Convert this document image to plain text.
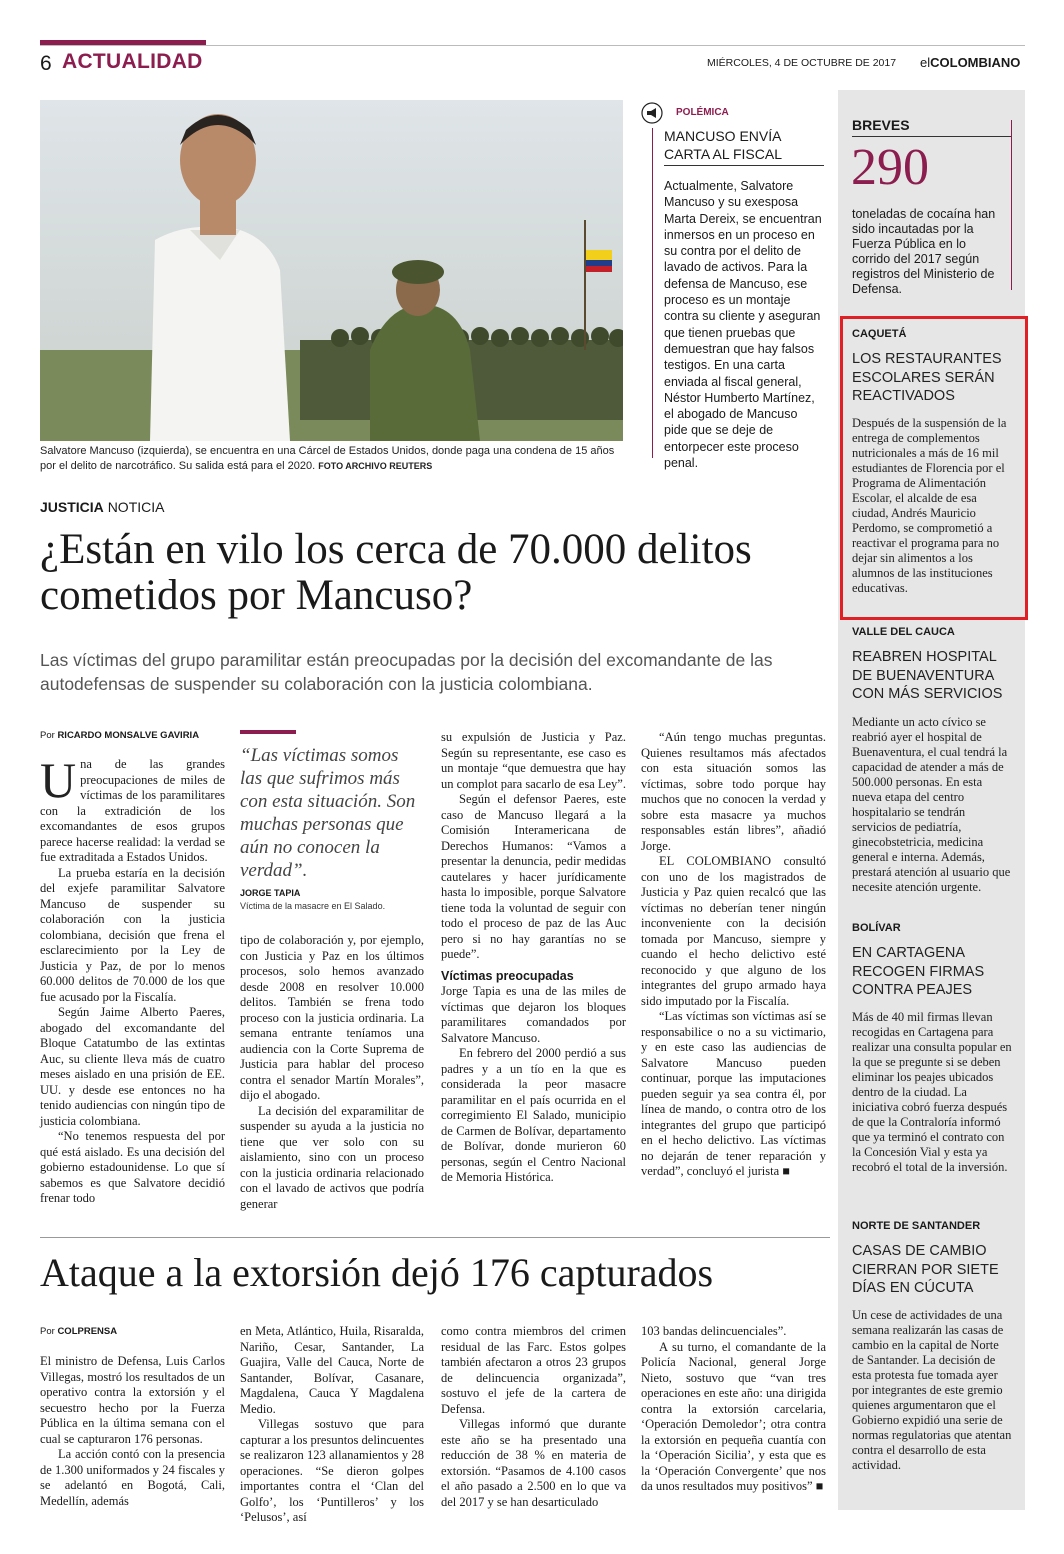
6 ACTUALIDAD	MIÉRCOLES, 4 DE OCTUBRE DE 2017 elCOLOMBIANO
Salvatore Mancuso (izquierda), se encuentra en una Cárcel de Estados Unidos, donde paga una condena de 15 años por el delito de narcotráfico. Su salida está para el 2020. FOTO ARCHIVO REUTERS
POLÉMICA
MANCUSO ENVÍA CARTA AL FISCAL
Actualmente, Salvatore Mancuso y su exesposa Marta Dereix, se encuentran inmersos en un proceso en su contra por el delito de lavado de activos. Para la defensa de Mancuso, ese proceso es un montaje contra su cliente y aseguran que tienen pruebas que demuestran que hay falsos testigos. En una carta enviada al fiscal general, Néstor Humberto Martínez, el abogado de Mancuso pide que se deje de entorpecer este proceso penal.
JUSTICIA NOTICIA
¿Están en vilo los cerca de 70.000 delitos cometidos por Mancuso?
Las víctimas del grupo paramilitar están preocupadas por la decisión del excomandante de las autodefensas de suspender su colaboración con la justicia colombiana.
Por RICARDO MONSALVE GAVIRIA

Una de las grandes preocupaciones de miles de víctimas de los paramilitares con la extradición de los excomandantes de esos grupos parece hacerse realidad: la verdad se fue extraditada a Estados Unidos.

La prueba estaría en la decisión del exjefe paramilitar Salvatore Mancuso de suspender su colaboración con la justicia colombiana, decisión que frena el esclarecimiento por la Ley de Justicia y Paz, de por lo menos 60.000 delitos de 70.000 de los que fue acusado por la Fiscalía.

Según Jaime Alberto Paeres, abogado del excomandante del Bloque Catatumbo de las extintas Auc, su cliente lleva más de cuatro meses aislado en una prisión de EE. UU. y desde ese entonces no ha tenido audiencias con ningún tipo de justicia colombiana.

“No tenemos respuesta del por qué está aislado. Es una decisión del gobierno estadounidense. Lo que sí sabemos es que Salvatore decidió frenar todo

“Las víctimas somos las que sufrimos más con esta situación. Son muchas personas que aún no conocen la verdad”.
JORGE TAPIA
Víctima de la masacre en El Salado.

tipo de colaboración y, por ejemplo, con Justicia y Paz en los últimos procesos, solo hemos avanzado desde 2008 en resolver 10.000 delitos. También se frena todo proceso con la justicia ordinaria. La semana entrante teníamos una audiencia con la Corte Suprema de Justicia para hablar del proceso contra el senador Martín Morales”, dijo el abogado.

La decisión del exparamilitar de suspender su ayuda a la justicia no tiene que ver solo con su aislamiento, sino con un proceso con la justicia ordinaria relacionado con el lavado de activos que podría generar

su expulsión de Justicia y Paz. Según su representante, ese caso es un montaje “que demuestra que hay un complot para sacarlo de esa Ley”.

Según el defensor Paeres, este caso de Mancuso llegará a la Comisión Interamericana de Derechos Humanos: “Vamos a presentar la denuncia, pedir medidas cautelares y hacer jurídicamente hasta lo imposible, porque Salvatore tiene toda la voluntad de seguir con todo el proceso de paz de las Auc pero si no hay garantías no se puede”.

Víctimas preocupadas

Jorge Tapia es una de las miles de víctimas que dejaron los bloques paramilitares comandados por Salvatore Mancuso.

En febrero del 2000 perdió a sus padres y a un tío en la que es considerada la peor masacre paramilitar en el país ocurrida en el corregimiento El Salado, municipio de Carmen de Bolívar, departamento de Bolívar, donde murieron 60 personas, según el Centro Nacional de Memoria Histórica.

“Aún tengo muchas preguntas. Quienes resultamos más afectados con esta situación somos las víctimas, sobre todo porque hay muchos que no conocen la verdad y sobre esta masacre ya muchos responsables están libres”, añadió Jorge.

EL COLOMBIANO consultó con uno de los magistrados de Justicia y Paz quien recalcó que las víctimas no deberían tener ningún inconveniente con la decisión tomada por Mancuso, siempre y cuando el hecho delictivo esté reconocido y que alguno de los integrantes del grupo armado haya sido imputado por la Fiscalía.

“Las víctimas son víctimas así se responsabilice o no a su victimario, y en este caso las audiencias de Salvatore Mancuso pueden continuar, porque las imputaciones pueden seguir ya sea contra él, por línea de mando, o contra otro de los integrantes del grupo que participó en el hecho delictivo. Las víctimas no dejarán de tener reparación y verdad”, concluyó el jurista ■

Ataque a la extorsión dejó 176 capturados
Por COLPRENSA

El ministro de Defensa, Luis Carlos Villegas, mostró los resultados de un operativo contra la extorsión y el secuestro hecho por la Fuerza Pública en la última semana con el cual se capturaron 176 personas.

La acción contó con la presencia de 1.300 uniformados y 24 fiscales y se adelantó en Bogotá, Cali, Medellín, además

en Meta, Atlántico, Huila, Risaralda, Nariño, Cesar, Santander, La Guajira, Valle del Cauca, Norte de Santander, Bolívar, Casanare, Magdalena, Cauca Y Magdalena Medio.

Villegas sostuvo que para capturar a los presuntos delincuentes se realizaron 123 allanamientos y 28 operaciones. “Se dieron golpes importantes contra el ‘Clan del Golfo’, los ‘Puntilleros’ y los ‘Pelusos’, así

como contra miembros del crimen residual de las Farc. Estos golpes también afectaron a otros 23 grupos de delincuencia organizada”, sostuvo el jefe de la cartera de Defensa.

Villegas informó que durante este año se ha presentado una reducción de 38 % en materia de extorsión. “Pasamos de 4.100 casos el año pasado a 2.500 en lo que va del 2017 y se han desarticulado

103 bandas delincuenciales”.

A su turno, el comandante de la Policía Nacional, general Jorge Nieto, sostuvo que “van tres operaciones en este año: una dirigida contra la extorsión carcelaria, ‘Operación Demoledor’; otra contra la extorsión en pequeña cuantía con la ‘Operación Sicilia’, y esta que es la ‘Operación Convergente’ que nos da unos resultados muy positivos” ■

BREVES
290
toneladas de cocaína han sido incautadas por la Fuerza Pública en lo corrido del 2017 según registros del Ministerio de Defensa.
CAQUETÁ
LOS RESTAURANTES ESCOLARES SERÁN REACTIVADOS
Después de la suspensión de la entrega de complementos nutricionales a más de 16 mil estudiantes de Florencia por el Programa de Alimentación Escolar, el alcalde de esa ciudad, Andrés Mauricio Perdomo, se comprometió a reactivar el programa para no dejar sin alimentos a los alumnos de las instituciones educativas.
VALLE DEL CAUCA
REABREN HOSPITAL DE BUENAVENTURA CON MÁS SERVICIOS
Mediante un acto cívico se reabrió ayer el hospital de Buenaventura, el cual tendrá la capacidad de atender a más de 500.000 personas. En esta nueva etapa del centro hospitalario se tendrán servicios de pediatría, ginecobstetricia, medicina general e interna. Además, prestará atención al usuario que necesite atención urgente.
BOLÍVAR
EN CARTAGENA RECOGEN FIRMAS CONTRA PEAJES
Más de 40 mil firmas llevan recogidas en Cartagena para realizar una consulta popular en la que se pregunte si se deben eliminar los peajes ubicados dentro de la ciudad. La iniciativa cobró fuerza después de que la Contraloría informó que ya terminó el contrato con la Concesión Vial y esta ya recobró el total de la inversión.
NORTE DE SANTANDER
CASAS DE CAMBIO CIERRAN POR SIETE DÍAS EN CÚCUTA
Un cese de actividades de una semana realizarán las casas de cambio en la capital de Norte de Santander. La decisión de esta protesta fue tomada ayer por integrantes de este gremio quienes argumentaron que el Gobierno expidió una serie de normas regulatorias que atentan contra el desarrollo de esta actividad.
